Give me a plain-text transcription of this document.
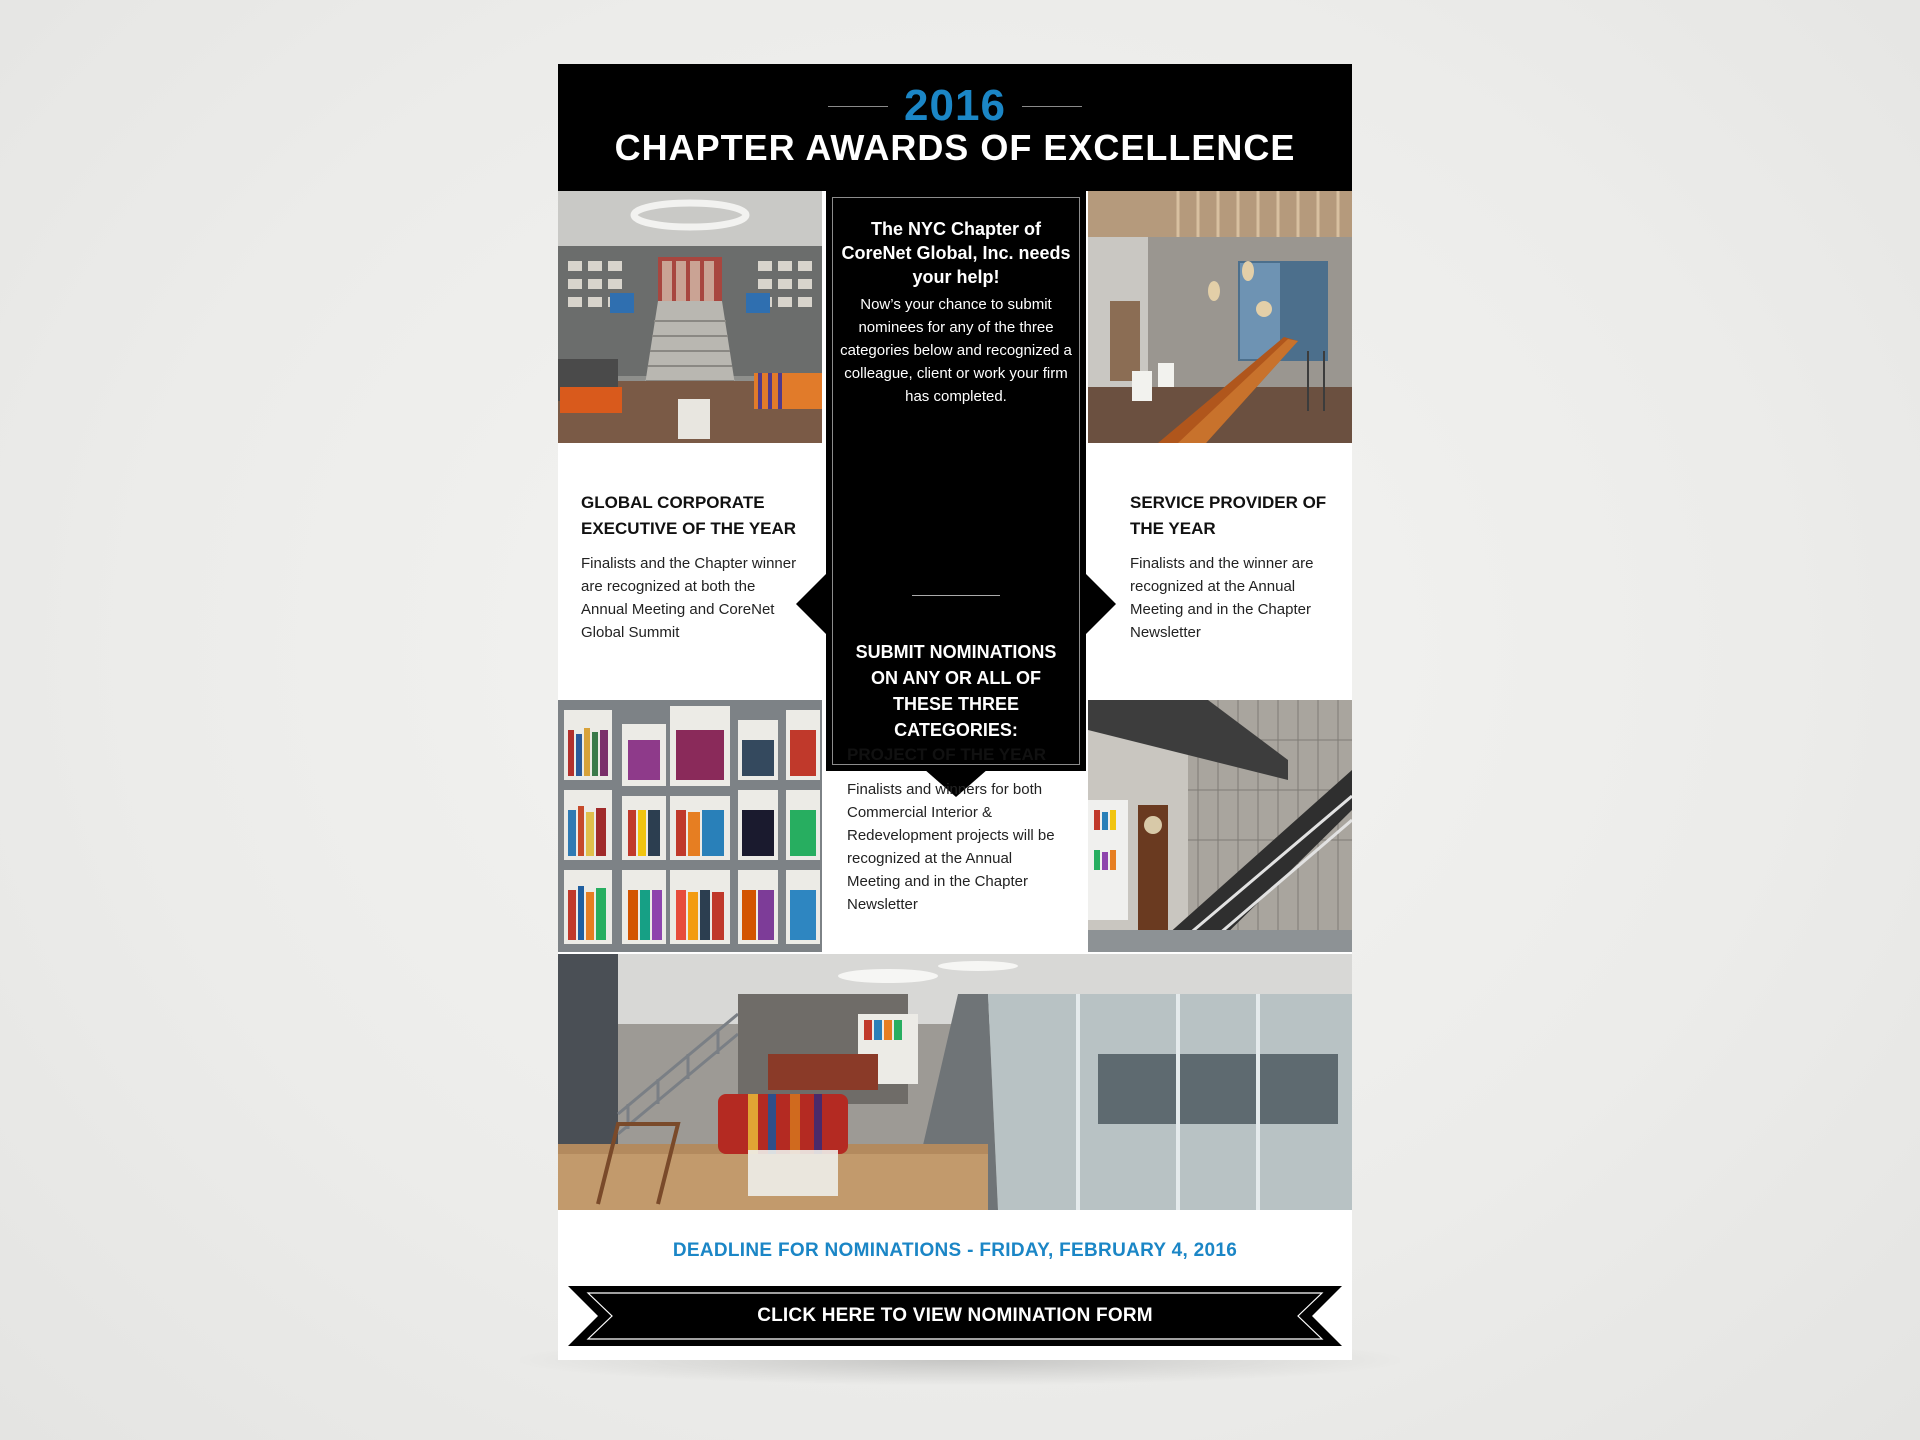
2016
CHAPTER AWARDS OF EXCELLENCE
The NYC Chapter of CoreNet Global, Inc. needs your help!
Now’s your chance to submit nominees for any of the three categories below and recognized a colleague, client or work your firm has completed.
SUBMIT NOMINATIONS ON ANY OR ALL OF THESE THREE CATEGORIES:
GLOBAL CORPORATE EXECUTIVE OF THE YEAR

Finalists and the Chapter winner are recognized at both the Annual Meeting and CoreNet Global Summit

SERVICE PROVIDER OF THE YEAR

Finalists and the winner are recognized at the Annual Meeting and in the Chapter Newsletter

PROJECT OF THE YEAR

Finalists and winners for both Commercial Interior & Redevelopment projects will be recognized at the Annual Meeting and in the Chapter Newsletter

DEADLINE FOR NOMINATIONS - FRIDAY, FEBRUARY 4, 2016
CLICK HERE TO VIEW NOMINATION FORM
